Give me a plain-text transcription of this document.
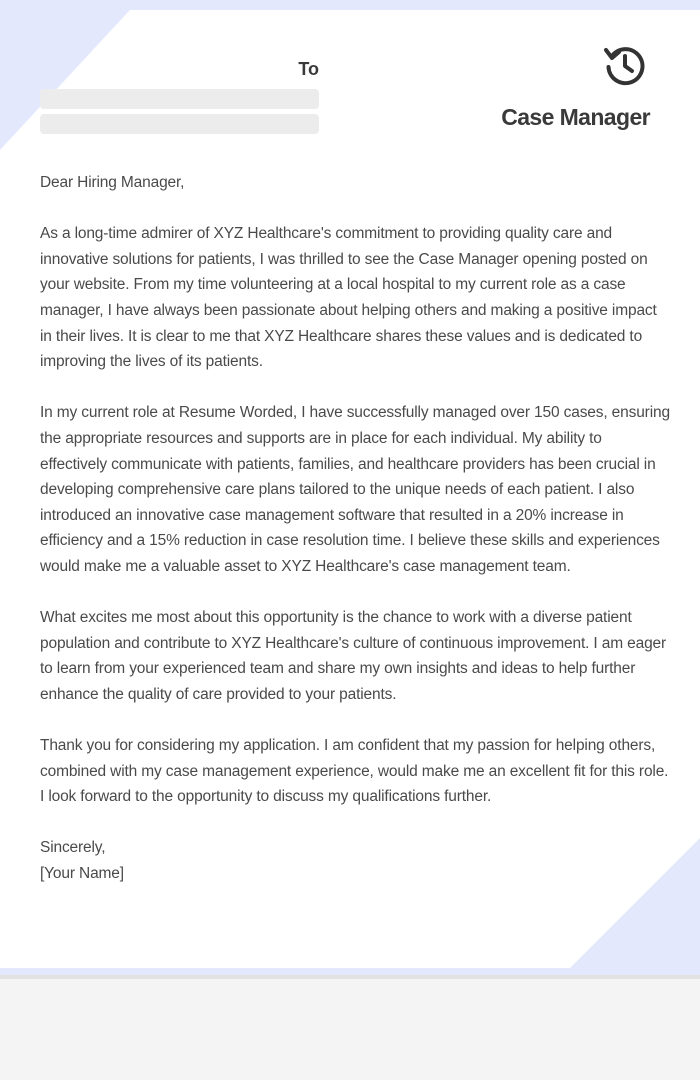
To
Case Manager

Dear Hiring Manager,

As a long-time admirer of XYZ Healthcare's commitment to providing quality care and innovative solutions for patients, I was thrilled to see the Case Manager opening posted on your website. From my time volunteering at a local hospital to my current role as a case manager, I have always been passionate about helping others and making a positive impact in their lives. It is clear to me that XYZ Healthcare shares these values and is dedicated to improving the lives of its patients.

In my current role at Resume Worded, I have successfully managed over 150 cases, ensuring the appropriate resources and supports are in place for each individual. My ability to effectively communicate with patients, families, and healthcare providers has been crucial in developing comprehensive care plans tailored to the unique needs of each patient. I also introduced an innovative case management software that resulted in a 20% increase in efficiency and a 15% reduction in case resolution time. I believe these skills and experiences would make me a valuable asset to XYZ Healthcare's case management team.

What excites me most about this opportunity is the chance to work with a diverse patient population and contribute to XYZ Healthcare's culture of continuous improvement. I am eager to learn from your experienced team and share my own insights and ideas to help further enhance the quality of care provided to your patients.

Thank you for considering my application. I am confident that my passion for helping others, combined with my case management experience, would make me an excellent fit for this role. I look forward to the opportunity to discuss my qualifications further.

Sincerely,

[Your Name]
